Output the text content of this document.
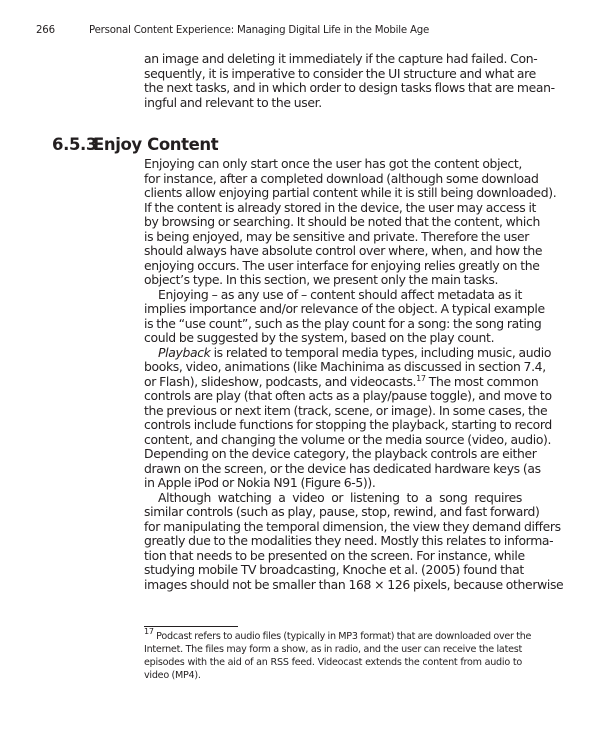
266	Personal Content Experience: Managing Digital Life in the Mobile Age
an image and deleting it immediately if the capture had failed. Con-
sequently, it is imperative to consider the UI structure and what are
the next tasks, and in which order to design tasks flows that are mean-
ingful and relevant to the user.
6.5.3Enjoy Content
Enjoying can only start once the user has got the content object,
for instance, after a completed download (although some download
clients allow enjoying partial content while it is still being downloaded).
If the content is already stored in the device, the user may access it
by browsing or searching. It should be noted that the content, which
is being enjoyed, may be sensitive and private. Therefore the user
should always have absolute control over where, when, and how the
enjoying occurs. The user interface for enjoying relies greatly on the
object’s type. In this section, we present only the main tasks.
Enjoying – as any use of – content should affect metadata as it
implies importance and/or relevance of the object. A typical example
is the “use count”, such as the play count for a song: the song rating
could be suggested by the system, based on the play count.
Playback is related to temporal media types, including music, audio
books, video, animations (like Machinima as discussed in section 7.4,
or Flash), slideshow, podcasts, and videocasts.$^{17}$ The most common
controls are play (that often acts as a play/pause toggle), and move to
the previous or next item (track, scene, or image). In some cases, the
controls include functions for stopping the playback, starting to record
content, and changing the volume or the media source (video, audio).
Depending on the device category, the playback controls are either
drawn on the screen, or the device has dedicated hardware keys (as
in Apple iPod or Nokia N91 (Figure 6-5)).
Although watching a video or listening to a song requires
similar controls (such as play, pause, stop, rewind, and fast forward)
for manipulating the temporal dimension, the view they demand differs
greatly due to the modalities they need. Mostly this relates to informa-
tion that needs to be presented on the screen. For instance, while
studying mobile TV broadcasting, Knoche et al. (2005) found that
images should not be smaller than 168 × 126 pixels, because otherwise
$^{17}$ Podcast refers to audio files (typically in MP3 format) that are downloaded over the
Internet. The files may form a show, as in radio, and the user can receive the latest
episodes with the aid of an RSS feed. Videocast extends the content from audio to
video (MP4).
